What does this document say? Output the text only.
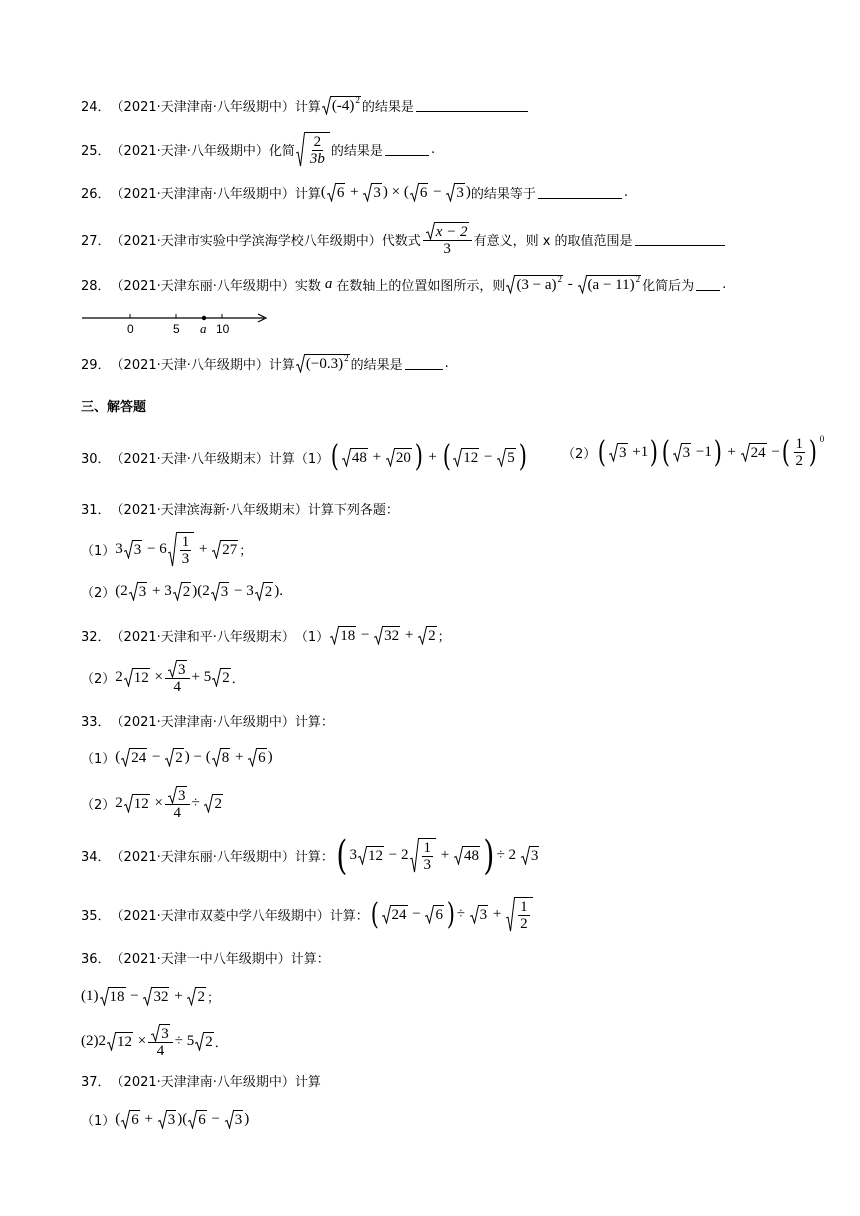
24． （2021·天津津南·八年级期中） 计算 (-4) 2
的结果是
25． （2021·天津·八年级期中） 化简 $\frac{2}{3b}$ 的结果是	.
26． （2021·天津津南·八年级期中） 计算 ( 6 + 3 ) × ( 6 − 3 ) 的结果等于	.
27． （2021·天津市实验中学滨海学校八年级期中） 代数式 $\frac{x - 2}{3}$ 有意义，则 x 的取值范围是
28． （2021·天津东丽·八年级期中） 实数 a 在数轴上的位置如图所示，则 (3 − a) 2
-
(a − 11) 2
化简后为 .
0	5 a 10
29． （2021·天津·八年级期中） 计算 (−0.3) 2
的结果是	.
三、解答题
30． （2021·天津·八年级期末） 计算（1） ( 48 + 20 ) + ( 12 − 5 )	（2） ( 3 +1 ) ( 3 −1 ) + 24 − ( $\frac{1}{2}$ ) 0
31． （2021·天津滨海新·八年级期末） 计算下列各题：
（1） 3 $3 - 6 \frac{1}{3} + 27$ ；
（2） (2 3 + 3 2 )(2 3 − 3 2 ).
32． （2021·天津和平·八年级期末） （1） 18 − 32 + 2 ；
（2） 2 $12 \times \frac{3}{4} + 5$ 2 ．
33． （2021·天津津南·八年级期中） 计算：
（1） ( 24 − 2 ) − ( 8 + 6 )
（2） 2 $12 \times \frac{3}{4} \div 2$
34． （2021·天津东丽·八年级期中） 计算： ( 3 $12 - 2 \frac{1}{3} + 48$ ) ÷ 2 3
35． （2021·天津市双菱中学八年级期中） 计算： ( 24 − 6 ) ÷ $3 + \frac{1}{2}$
36． （2021·天津一中八年级期中） 计算：
(1) 18 − 32 + 2 ；
(2) 2 $12 \times \frac{3}{4} \div 5$ 2 ．
37． （2021·天津津南·八年级期中） 计算
（1） ( 6 + 3 )( 6 − 3 )
